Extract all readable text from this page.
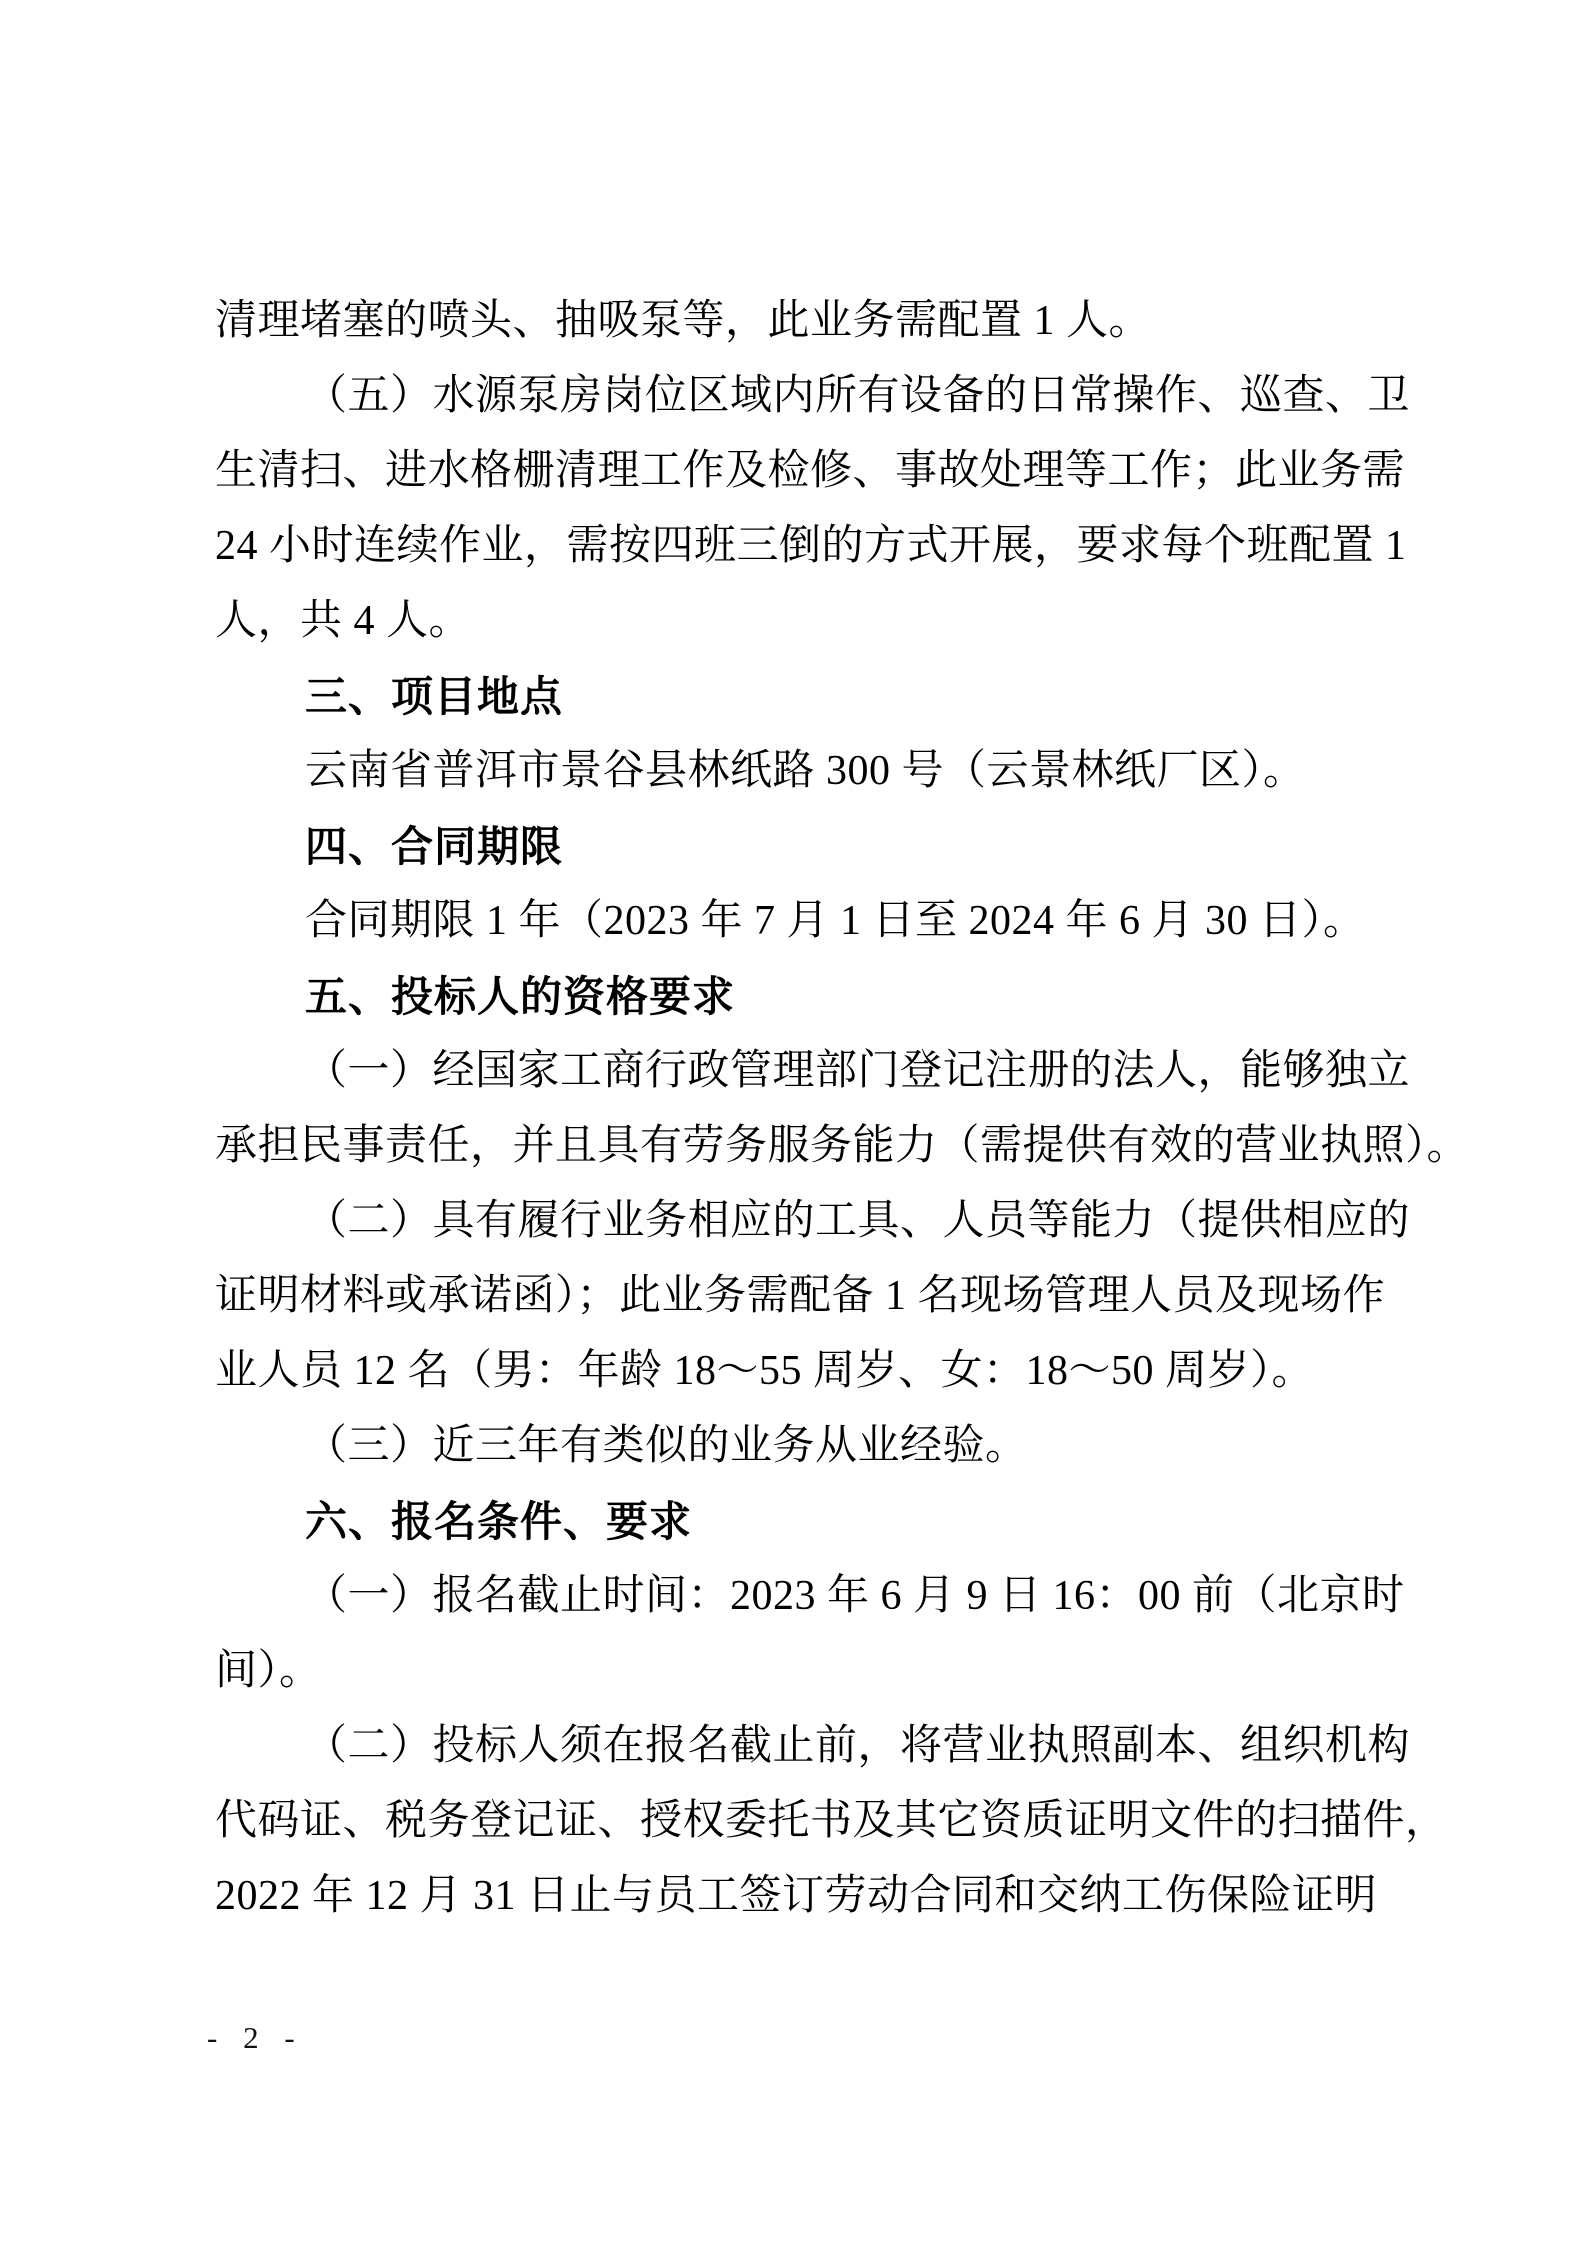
清理堵塞的喷头、抽吸泵等，此业务需配置 1 人。
（五）水源泵房岗位区域内所有设备的日常操作、巡查、卫
生清扫、进水格栅清理工作及检修、事故处理等工作；此业务需
24 小时连续作业，需按四班三倒的方式开展，要求每个班配置 1
人，共 4 人。
三、项目地点
云南省普洱市景谷县林纸路 300 号（云景林纸厂区）。
四、合同期限
合同期限 1 年（2023 年 7 月 1 日至 2024 年 6 月 30 日）。
五、投标人的资格要求
（一）经国家工商行政管理部门登记注册的法人，能够独立
承担民事责任，并且具有劳务服务能力（需提供有效的营业执照）。
（二）具有履行业务相应的工具、人员等能力（提供相应的
证明材料或承诺函）；此业务需配备 1 名现场管理人员及现场作
业人员 12 名（男：年龄 18～55 周岁、女：18～50 周岁）。
（三）近三年有类似的业务从业经验。
六、报名条件、要求
（一）报名截止时间：2023 年 6 月 9 日 16：00 前（北京时
间）。
（二）投标人须在报名截止前，将营业执照副本、组织机构
代码证、税务登记证、授权委托书及其它资质证明文件的扫描件，
2022 年 12 月 31 日止与员工签订劳动合同和交纳工伤保险证明
- 2 -
